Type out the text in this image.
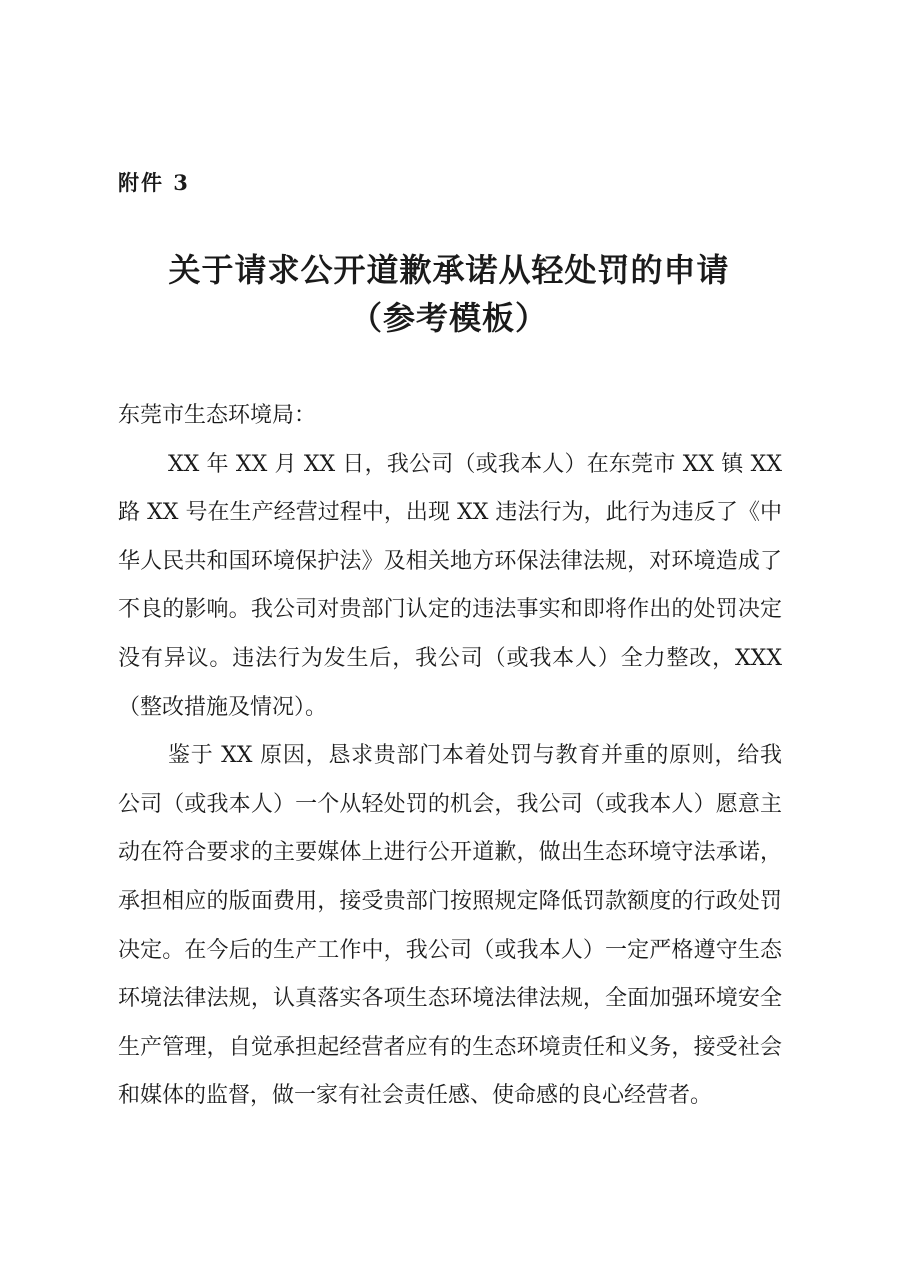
附件 3
关于请求公开道歉承诺从轻处罚的申请
（参考模板）

东莞市生态环境局：

XX 年 XX 月 XX 日，我公司（或我本人）在东莞市 XX 镇 XX 路 XX 号在生产经营过程中，出现 XX 违法行为，此行为违反了《中华人民共和国环境保护法》及相关地方环保法律法规，对环境造成了不良的影响。我公司对贵部门认定的违法事实和即将作出的处罚决定没有异议。违法行为发生后，我公司（或我本人）全力整改，XXX（整改措施及情况）。

鉴于 XX 原因，恳求贵部门本着处罚与教育并重的原则，给我公司（或我本人）一个从轻处罚的机会，我公司（或我本人）愿意主动在符合要求的主要媒体上进行公开道歉，做出生态环境守法承诺，承担相应的版面费用，接受贵部门按照规定降低罚款额度的行政处罚决定。在今后的生产工作中，我公司（或我本人）一定严格遵守生态环境法律法规，认真落实各项生态环境法律法规，全面加强环境安全生产管理，自觉承担起经营者应有的生态环境责任和义务，接受社会和媒体的监督，做一家有社会责任感、使命感的良心经营者。
